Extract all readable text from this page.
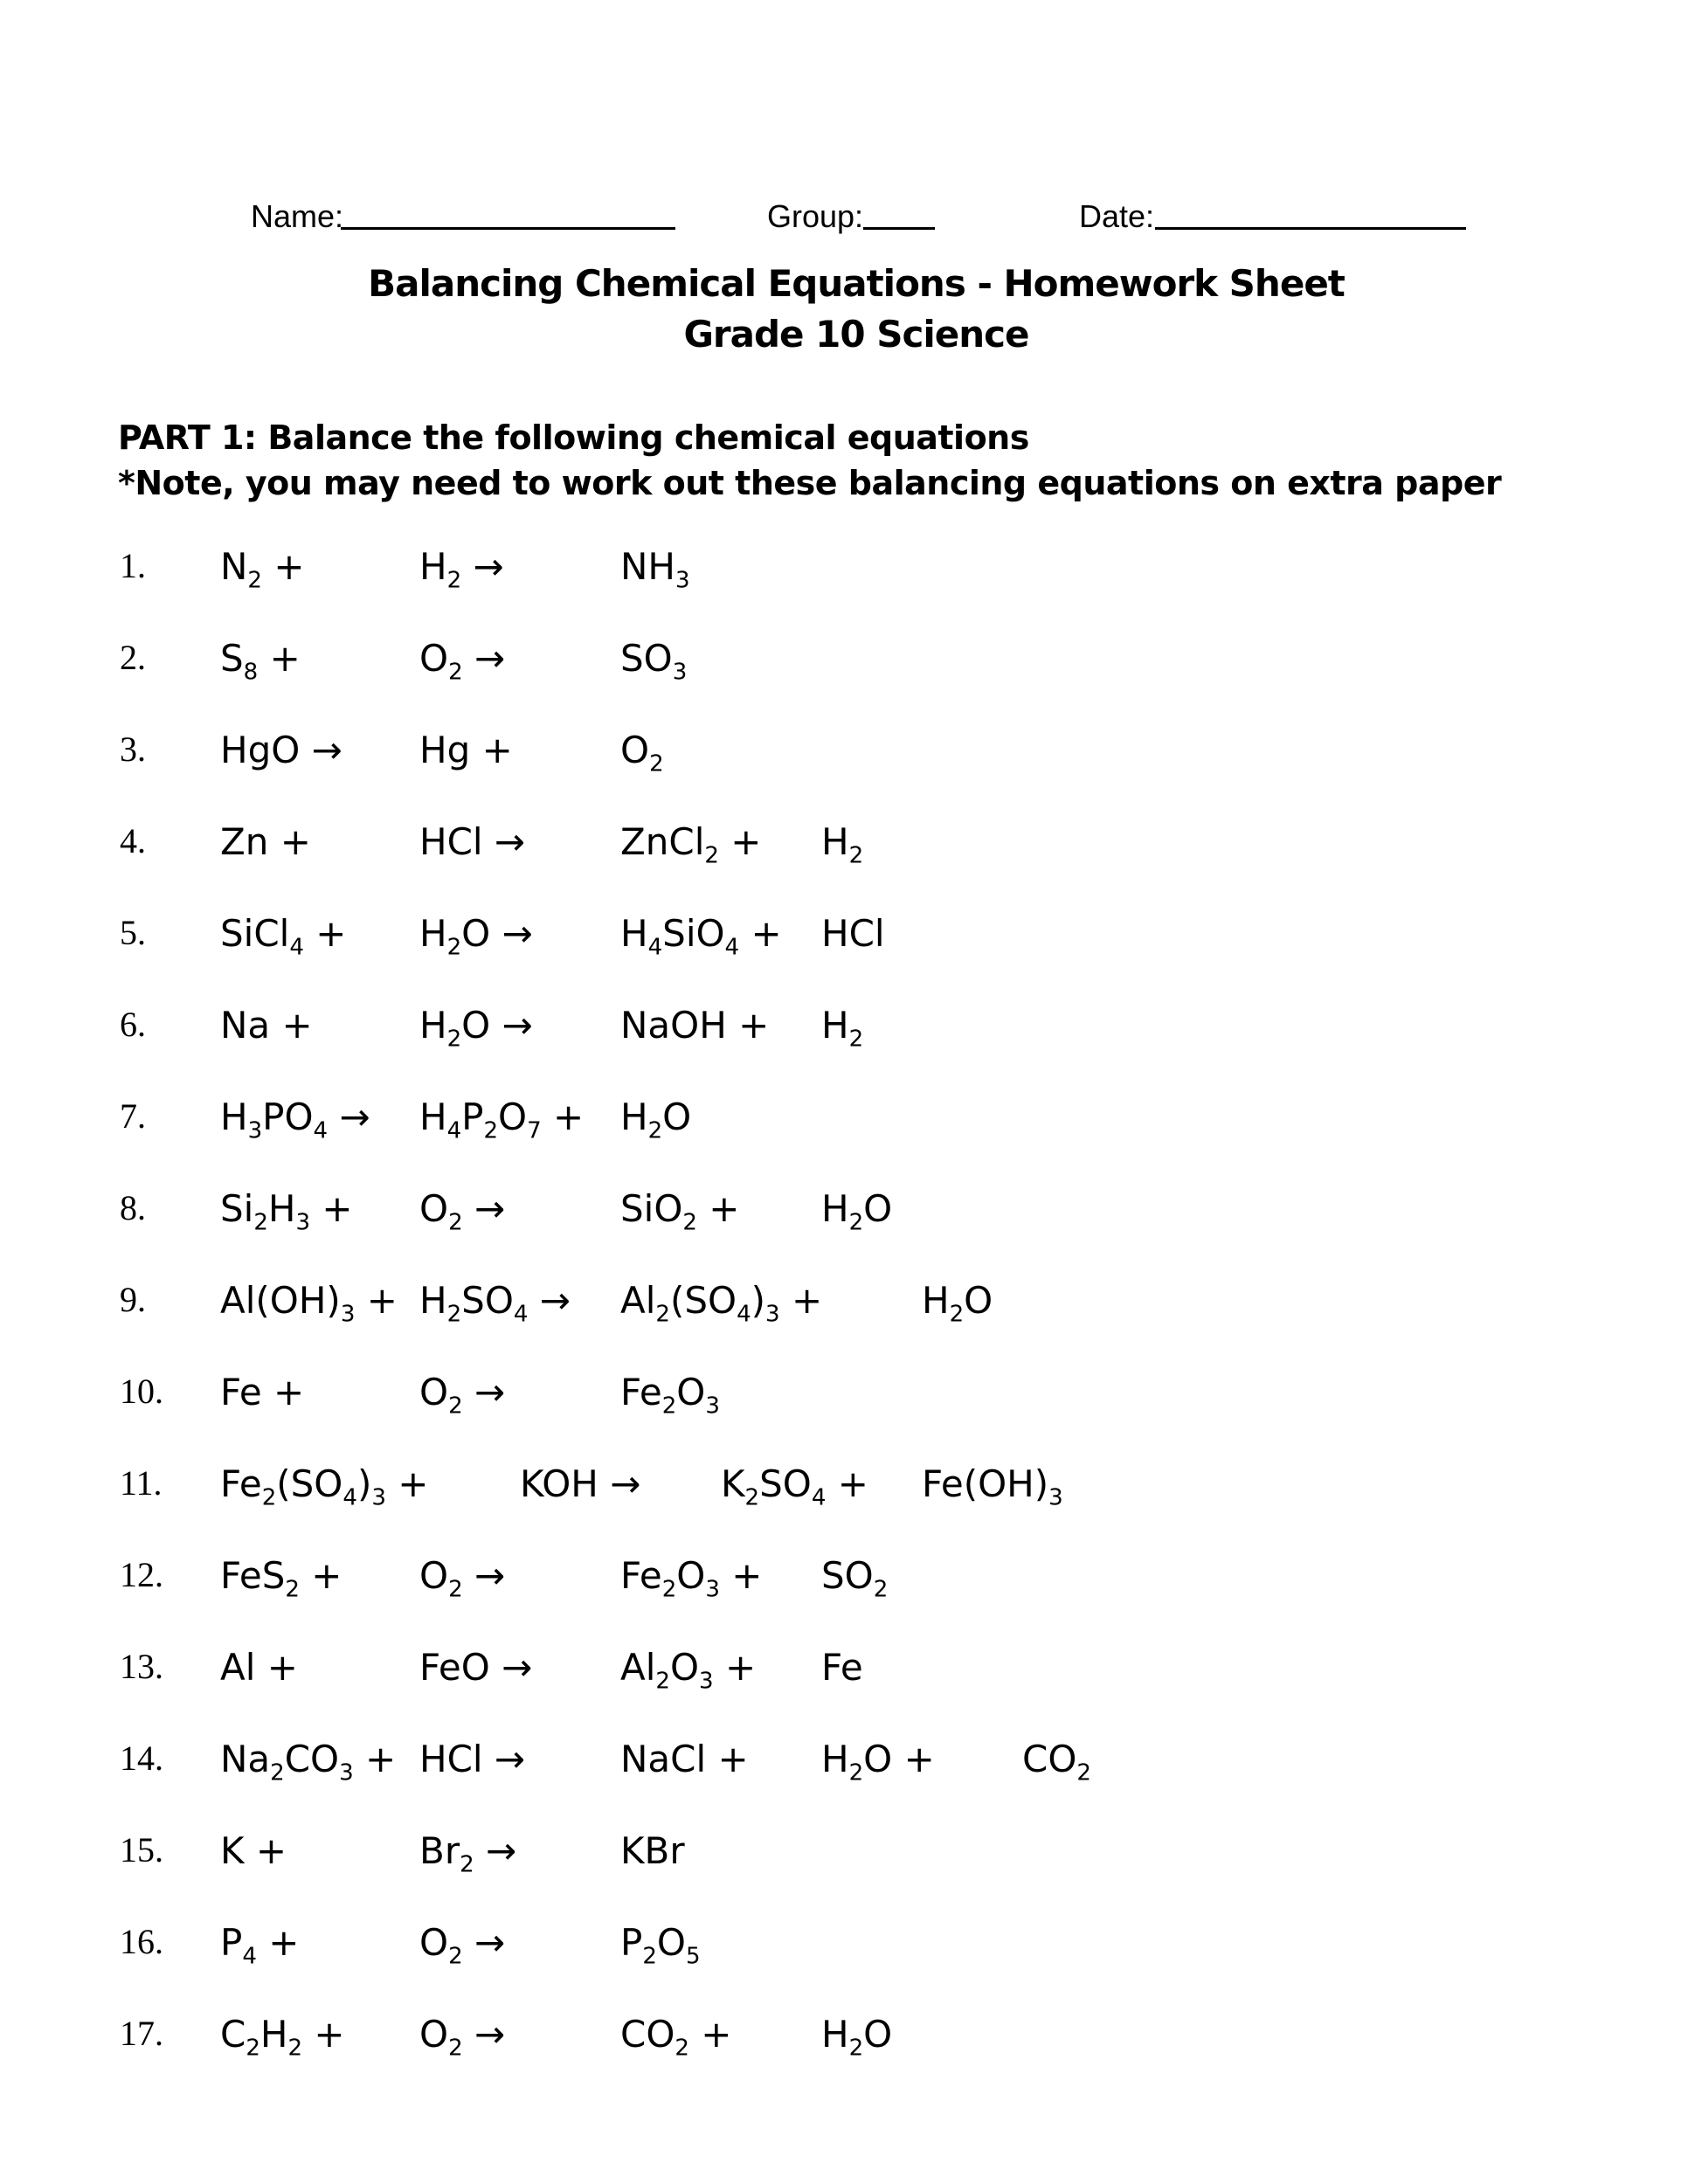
Name:	Group:	Date:
Balancing Chemical Equations - Homework Sheet
Grade 10 Science
PART 1: Balance the following chemical equations
*Note, you may need to work out these balancing equations on extra paper
1. $N_2$ +	$H_2$ →	$NH_3$
2. $S_8$ +	$O_2$ →	$SO_3$
3. HgO → Hg +	$O_2$
4. Zn +	HCl →	ZnCl$_2$ + $H_2$
5. SiCl$_4$ + $H_2O \to H_4SiO_4$ + HCl
6. Na +	$H_2O$ → NaOH + $H_2$
7. $H_3PO_4 \to H_4P_2O_7 + H_2O$
8. $Si_2H_3 + O_2$ →	$SiO_2 + H_2O$
9. $Al(OH)_3 + H_2SO_4 \to Al_2(SO_4)_3$ +	$H_2O$
10. Fe +	$O_2$ →	$Fe_2O_3$
11. $Fe_2(SO_4)_3$ + KOH → $K_2SO_4 + Fe(OH)_3$
12. $FeS_2 + O_2$ →	$Fe_2O_3 + SO_2$
13. Al +	FeO → $Al_2O_3 + Fe$
14. $Na_2CO_3$ + HCl →	NaCl + $H_2O + CO_2$
15. K +	$Br_2$ →	KBr
16. $P_4$ +	$O_2$ →	$P_2O_5$
17. $C_2H_2 + O_2$ →	$CO_2 + H_2O$
